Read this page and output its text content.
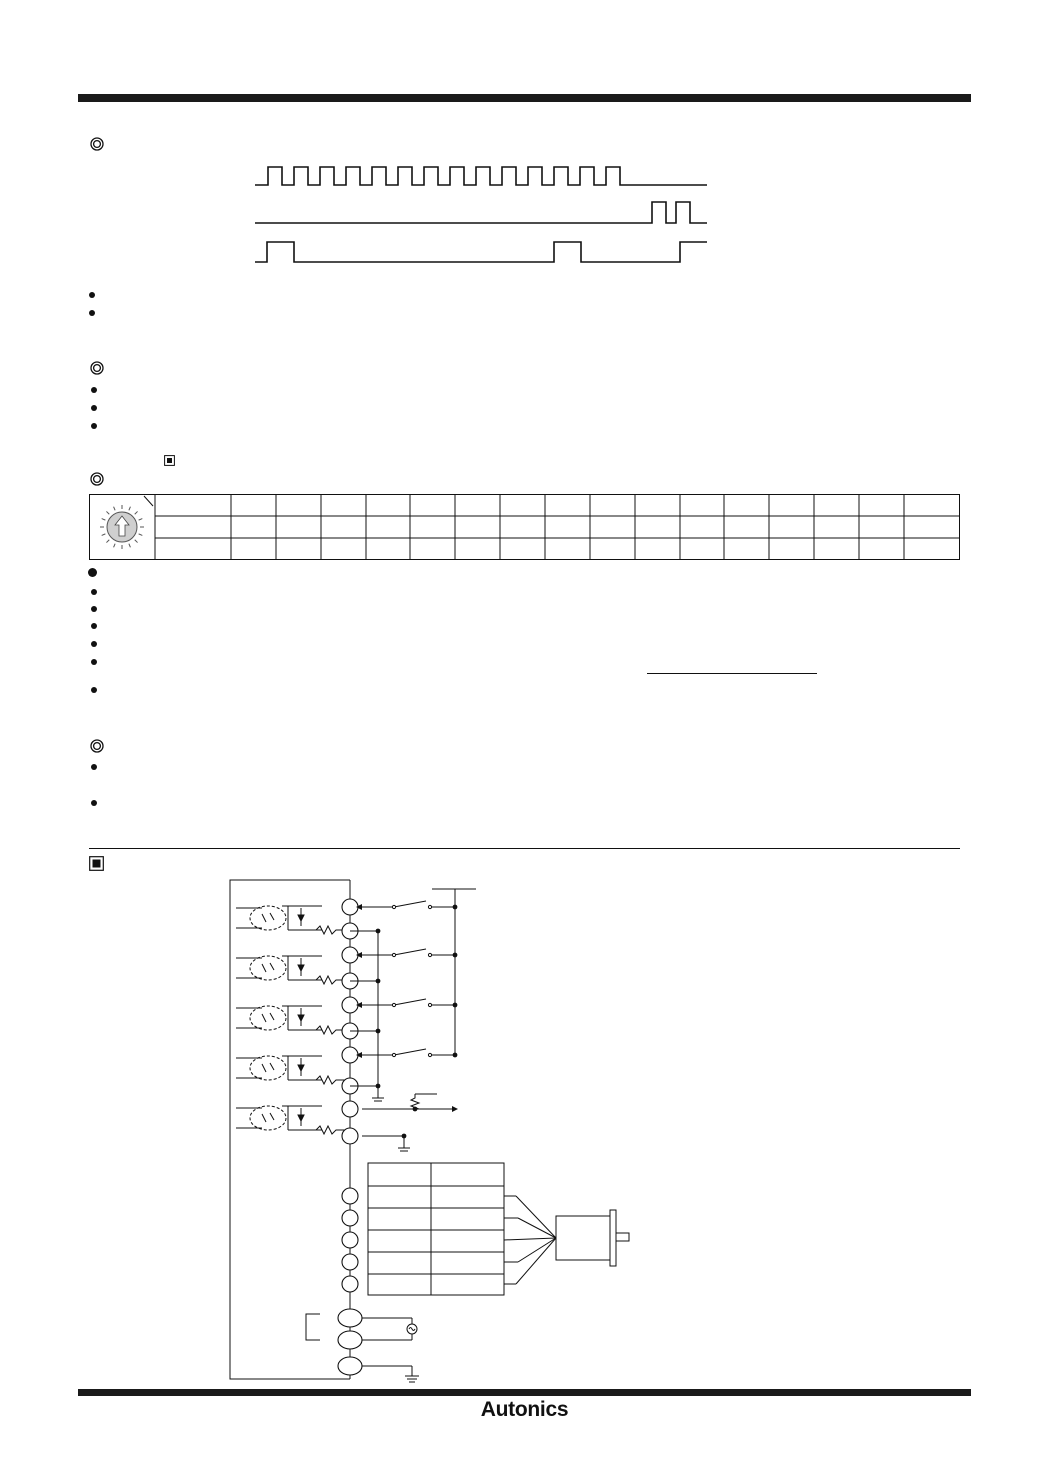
Autonics
